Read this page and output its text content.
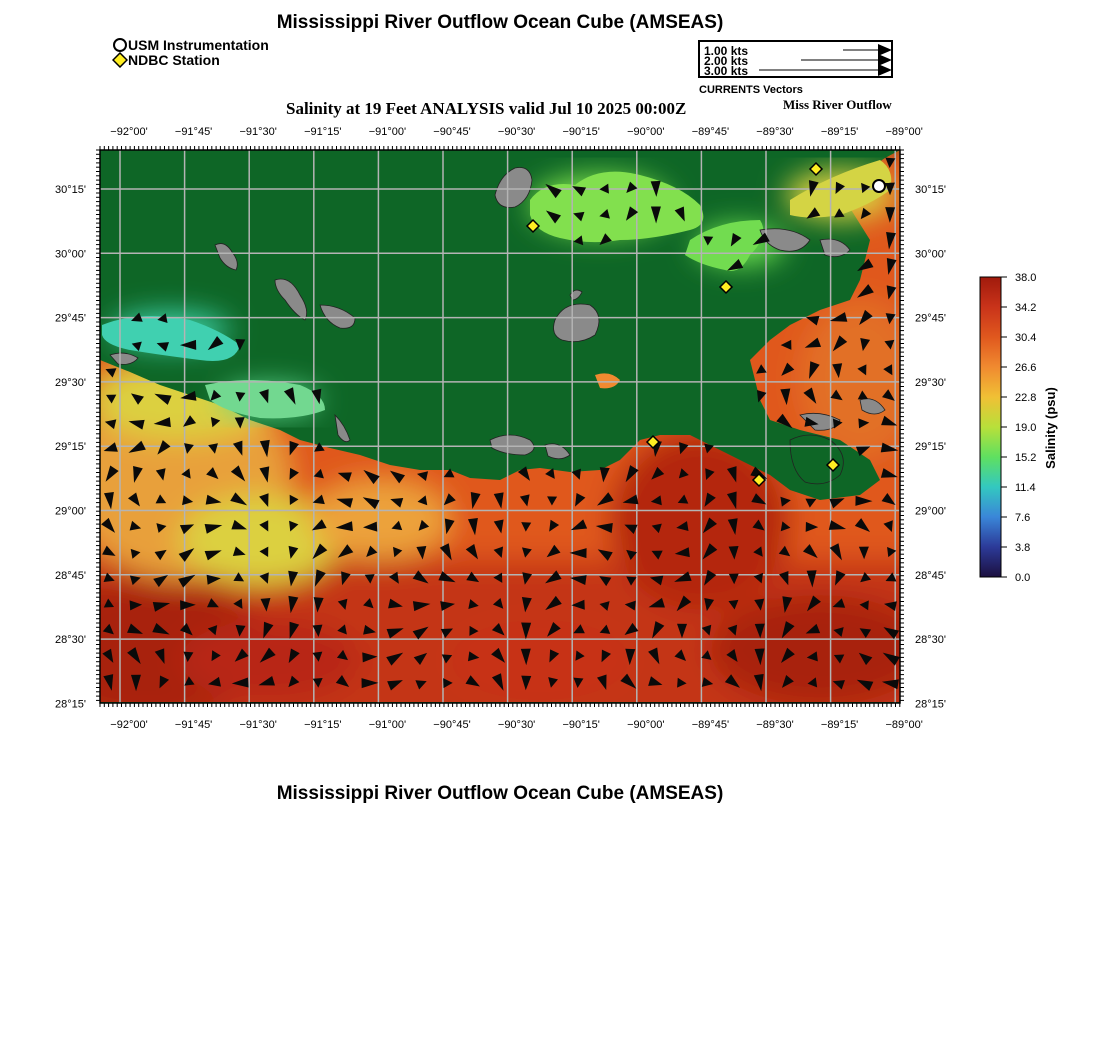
Mississippi River Outflow Ocean Cube (AMSEAS)
Mississippi River Outflow Ocean Cube (AMSEAS)
USM Instrumentation
NDBC Station
1.00 kts
2.00 kts
3.00 kts
CURRENTS Vectors
Salinity at 19 Feet ANALYSIS valid Jul 10 2025 00:00Z	Miss River Outflow
−92°00' −91°45' −91°30' −91°15' −91°00' −90°45' −90°30' −90°15' −90°00' −89°45' −89°30' −89°15' −89°00'
−92°00' −91°45' −91°30' −91°15' −91°00' −90°45' −90°30' −90°15' −90°00' −89°45' −89°30' −89°15' −89°00'
30°15'
30°00'
29°45'
29°30'
29°15'
29°00'
28°45'
28°30'
28°15'
30°15'
30°00'
29°45'
29°30'
29°15'
29°00'
28°45'
28°30'
28°15'
38.0
34.2
30.4
26.6
22.8
19.0
15.2
11.4
7.6
3.8
0.0
Salinity (psu)
